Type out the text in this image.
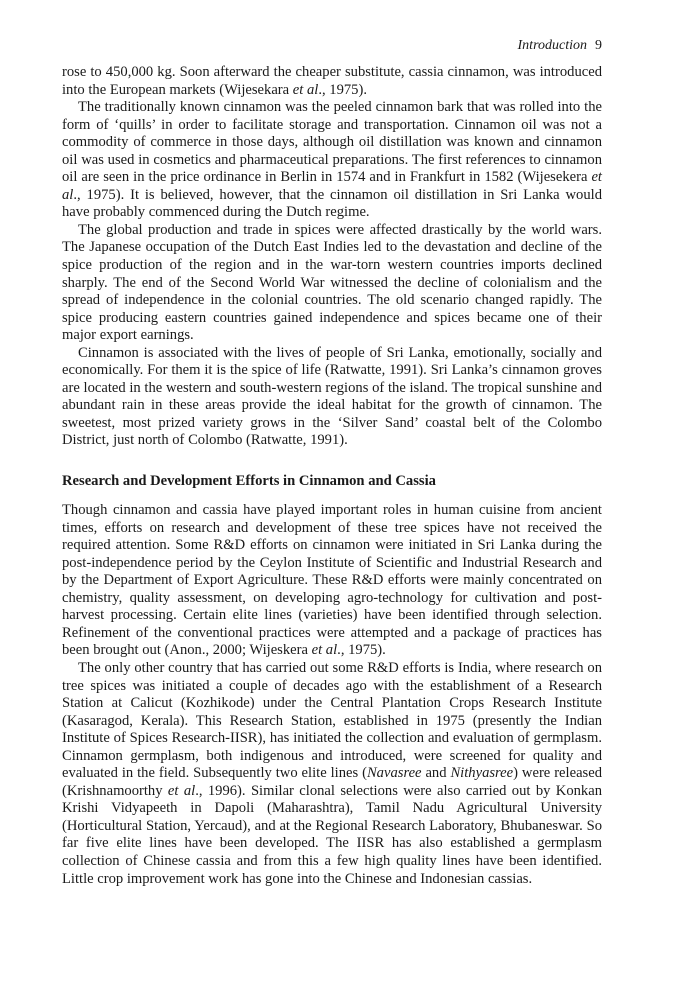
Introduction 9

rose to 450,000 kg. Soon afterward the cheaper substitute, cassia cinnamon, was introduced into the European markets (Wijesekara et al., 1975).

The traditionally known cinnamon was the peeled cinnamon bark that was rolled into the form of ‘quills’ in order to facilitate storage and transportation. Cinnamon oil was not a commodity of commerce in those days, although oil distillation was known and cinnamon oil was used in cosmetics and pharmaceutical preparations. The first references to cinnamon oil are seen in the price ordinance in Berlin in 1574 and in Frankfurt in 1582 (Wijesekera et al., 1975). It is believed, however, that the cinnamon oil distillation in Sri Lanka would have probably commenced during the Dutch regime.

The global production and trade in spices were affected drastically by the world wars. The Japanese occupation of the Dutch East Indies led to the devastation and decline of the spice production of the region and in the war-torn western countries imports declined sharply. The end of the Second World War witnessed the decline of colonialism and the spread of independence in the colonial countries. The old scenario changed rapidly. The spice producing eastern countries gained independence and spices became one of their major export earnings.

Cinnamon is associated with the lives of people of Sri Lanka, emotionally, socially and economically. For them it is the spice of life (Ratwatte, 1991). Sri Lanka’s cinnamon groves are located in the western and south-western regions of the island. The tropical sunshine and abundant rain in these areas provide the ideal habitat for the growth of cinnamon. The sweetest, most prized variety grows in the ‘Silver Sand’ coastal belt of the Colombo District, just north of Colombo (Ratwatte, 1991).

Research and Development Efforts in Cinnamon and Cassia

Though cinnamon and cassia have played important roles in human cuisine from ancient times, efforts on research and development of these tree spices have not received the required attention. Some R&D efforts on cinnamon were initiated in Sri Lanka during the post-independence period by the Ceylon Institute of Scientific and Industrial Research and by the Department of Export Agriculture. These R&D efforts were mainly concentrated on chemistry, quality assessment, on developing agro-technology for cultivation and post-harvest processing. Certain elite lines (varieties) have been identified through selection. Refinement of the conventional practices were attempted and a package of practices has been brought out (Anon., 2000; Wijeskera et al., 1975).

The only other country that has carried out some R&D efforts is India, where research on tree spices was initiated a couple of decades ago with the establishment of a Research Station at Calicut (Kozhikode) under the Central Plantation Crops Research Institute (Kasaragod, Kerala). This Research Station, established in 1975 (presently the Indian Institute of Spices Research-IISR), has initiated the collection and evaluation of germplasm. Cinnamon germplasm, both indigenous and introduced, were screened for quality and evaluated in the field. Subsequently two elite lines (Navasree and Nithyasree) were released (Krishnamoorthy et al., 1996). Similar clonal selections were also carried out by Konkan Krishi Vidyapeeth in Dapoli (Maharashtra), Tamil Nadu Agricultural University (Horticultural Station, Yercaud), and at the Regional Research Laboratory, Bhubaneswar. So far five elite lines have been developed. The IISR has also established a germplasm collection of Chinese cassia and from this a few high quality lines have been identified. Little crop improvement work has gone into the Chinese and Indonesian cassias.
